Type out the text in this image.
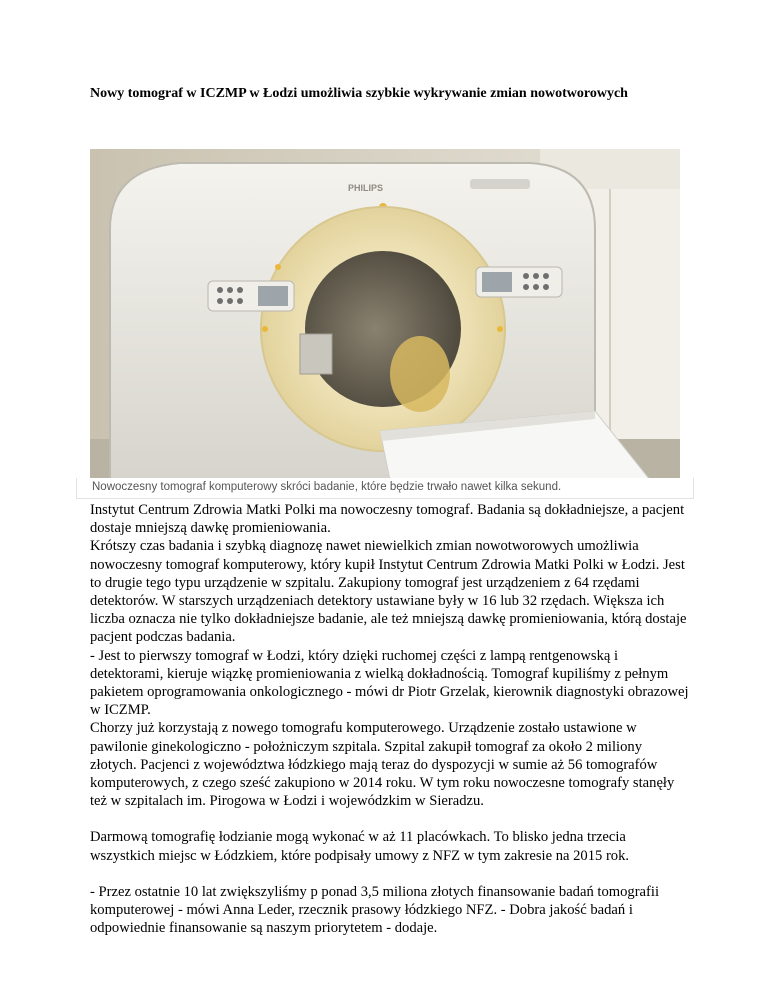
Nowy tomograf w ICZMP w Łodzi umożliwia szybkie wykrywanie zmian nowotworowych
PHILIPS
Nowoczesny tomograf komputerowy skróci badanie, które będzie trwało nawet kilka sekund.

Instytut Centrum Zdrowia Matki Polki ma nowoczesny tomograf. Badania są dokładniejsze, a pacjent dostaje mniejszą dawkę promieniowania.

Krótszy czas badania i szybką diagnozę nawet niewielkich zmian nowotworowych umożliwia nowoczesny tomograf komputerowy, który kupił Instytut Centrum Zdrowia Matki Polki w Łodzi. Jest to drugie tego typu urządzenie w szpitalu. Zakupiony tomograf jest urządzeniem z 64 rzędami detektorów. W starszych urządzeniach detektory ustawiane były w 16 lub 32 rzędach. Większa ich liczba oznacza nie tylko dokładniejsze badanie, ale też mniejszą dawkę promieniowania, którą dostaje pacjent podczas badania.

- Jest to pierwszy tomograf w Łodzi, który dzięki ruchomej części z lampą rentgenowską i detektorami, kieruje wiązkę promieniowania z wielką dokładnością. Tomograf kupiliśmy z pełnym pakietem oprogramowania onkologicznego - mówi dr Piotr Grzelak, kierownik diagnostyki obrazowej w ICZMP.

Chorzy już korzystają z nowego tomografu komputerowego. Urządzenie zostało ustawione w pawilonie ginekologiczno - położniczym szpitala. Szpital zakupił tomograf za około 2 miliony złotych. Pacjenci z województwa łódzkiego mają teraz do dyspozycji w sumie aż 56 tomografów komputerowych, z czego sześć zakupiono w 2014 roku. W tym roku nowoczesne tomografy stanęły też w szpitalach im. Pirogowa w Łodzi i wojewódzkim w Sieradzu.

Darmową tomografię łodzianie mogą wykonać w aż 11 placówkach. To blisko jedna trzecia wszystkich miejsc w Łódzkiem, które podpisały umowy z NFZ w tym zakresie na 2015 rok.

- Przez ostatnie 10 lat zwiększyliśmy p ponad 3,5 miliona złotych finansowanie badań tomografii komputerowej - mówi Anna Leder, rzecznik prasowy łódzkiego NFZ. - Dobra jakość badań i odpowiednie finansowanie są naszym priorytetem - dodaje.
